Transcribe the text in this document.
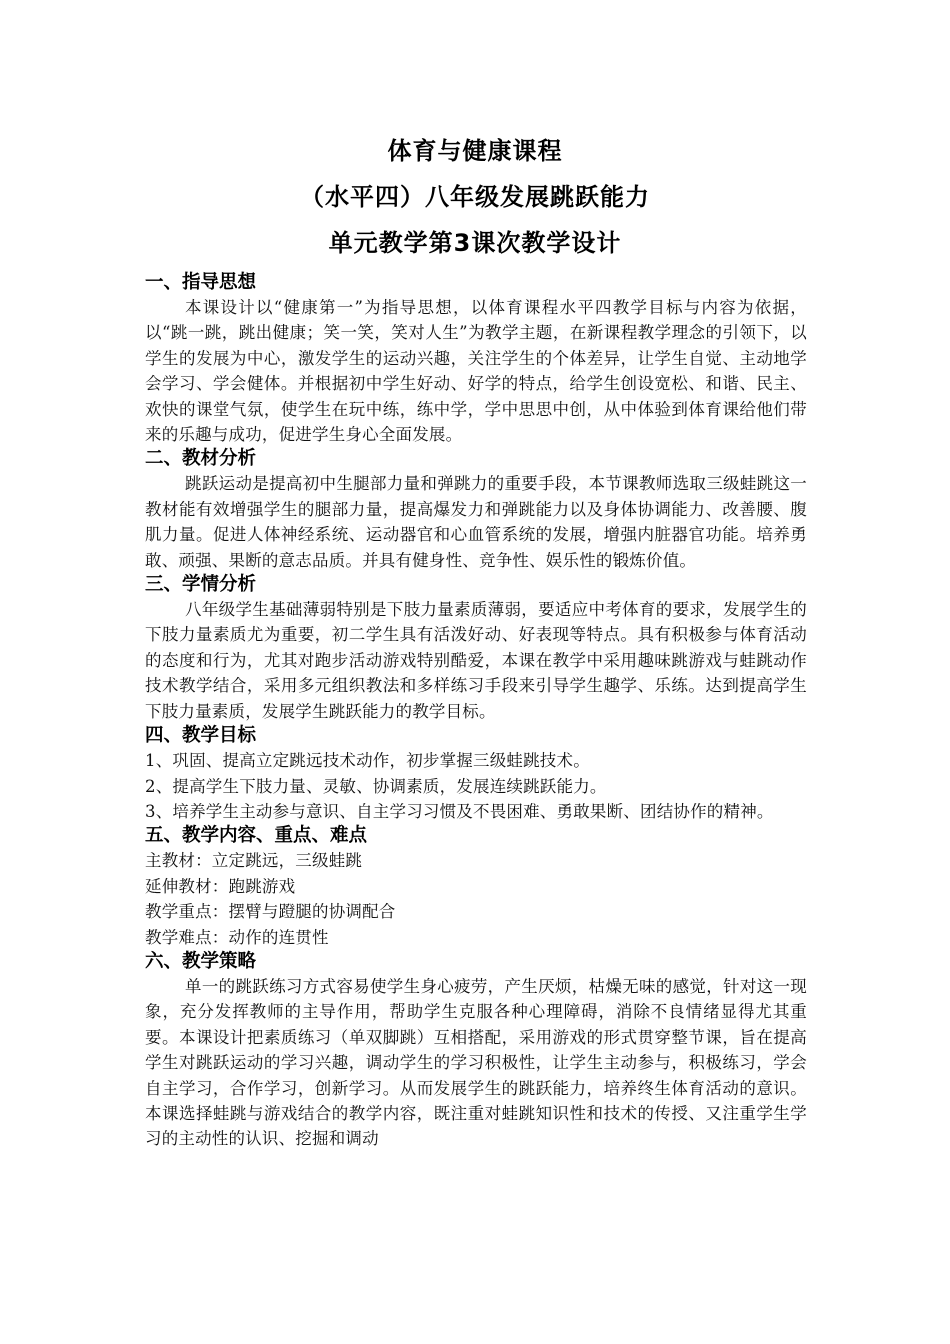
体育与健康课程
（水平四）八年级发展跳跃能力
单元教学第3课次教学设计
一、指导思想

本课设计以“健康第一”为指导思想，以体育课程水平四教学目标与内容为依据，以“跳一跳，跳出健康；笑一笑，笑对人生”为教学主题，在新课程教学理念的引领下，以学生的发展为中心，激发学生的运动兴趣，关注学生的个体差异，让学生自觉、主动地学会学习、学会健体。并根据初中学生好动、好学的特点，给学生创设宽松、和谐、民主、欢快的课堂气氛，使学生在玩中练，练中学，学中思思中创，从中体验到体育课给他们带来的乐趣与成功，促进学生身心全面发展。

二、教材分析

跳跃运动是提高初中生腿部力量和弹跳力的重要手段，本节课教师选取三级蛙跳这一教材能有效增强学生的腿部力量，提高爆发力和弹跳能力以及身体协调能力、改善腰、腹肌力量。促进人体神经系统、运动器官和心血管系统的发展，增强内脏器官功能。培养勇敢、顽强、果断的意志品质。并具有健身性、竞争性、娱乐性的锻炼价值。

三、学情分析

八年级学生基础薄弱特别是下肢力量素质薄弱，要适应中考体育的要求，发展学生的下肢力量素质尤为重要，初二学生具有活泼好动、好表现等特点。具有积极参与体育活动的态度和行为，尤其对跑步活动游戏特别酷爱，本课在教学中采用趣味跳游戏与蛙跳动作技术教学结合，采用多元组织教法和多样练习手段来引导学生趣学、乐练。达到提高学生下肢力量素质，发展学生跳跃能力的教学目标。

四、教学目标

1、巩固、提高立定跳远技术动作，初步掌握三级蛙跳技术。

2、提高学生下肢力量、灵敏、协调素质，发展连续跳跃能力。

3、培养学生主动参与意识、自主学习习惯及不畏困难、勇敢果断、团结协作的精神。

五、教学内容、重点、难点

主教材：立定跳远，三级蛙跳

延伸教材：跑跳游戏

教学重点：摆臂与蹬腿的协调配合

教学难点：动作的连贯性

六、教学策略

单一的跳跃练习方式容易使学生身心疲劳，产生厌烦，枯燥无味的感觉，针对这一现象，充分发挥教师的主导作用，帮助学生克服各种心理障碍，消除不良情绪显得尤其重要。本课设计把素质练习（单双脚跳）互相搭配，采用游戏的形式贯穿整节课，旨在提高学生对跳跃运动的学习兴趣，调动学生的学习积极性，让学生主动参与，积极练习，学会自主学习，合作学习，创新学习。从而发展学生的跳跃能力，培养终生体育活动的意识。本课选择蛙跳与游戏结合的教学内容，既注重对蛙跳知识性和技术的传授、又注重学生学习的主动性的认识、挖掘和调动
